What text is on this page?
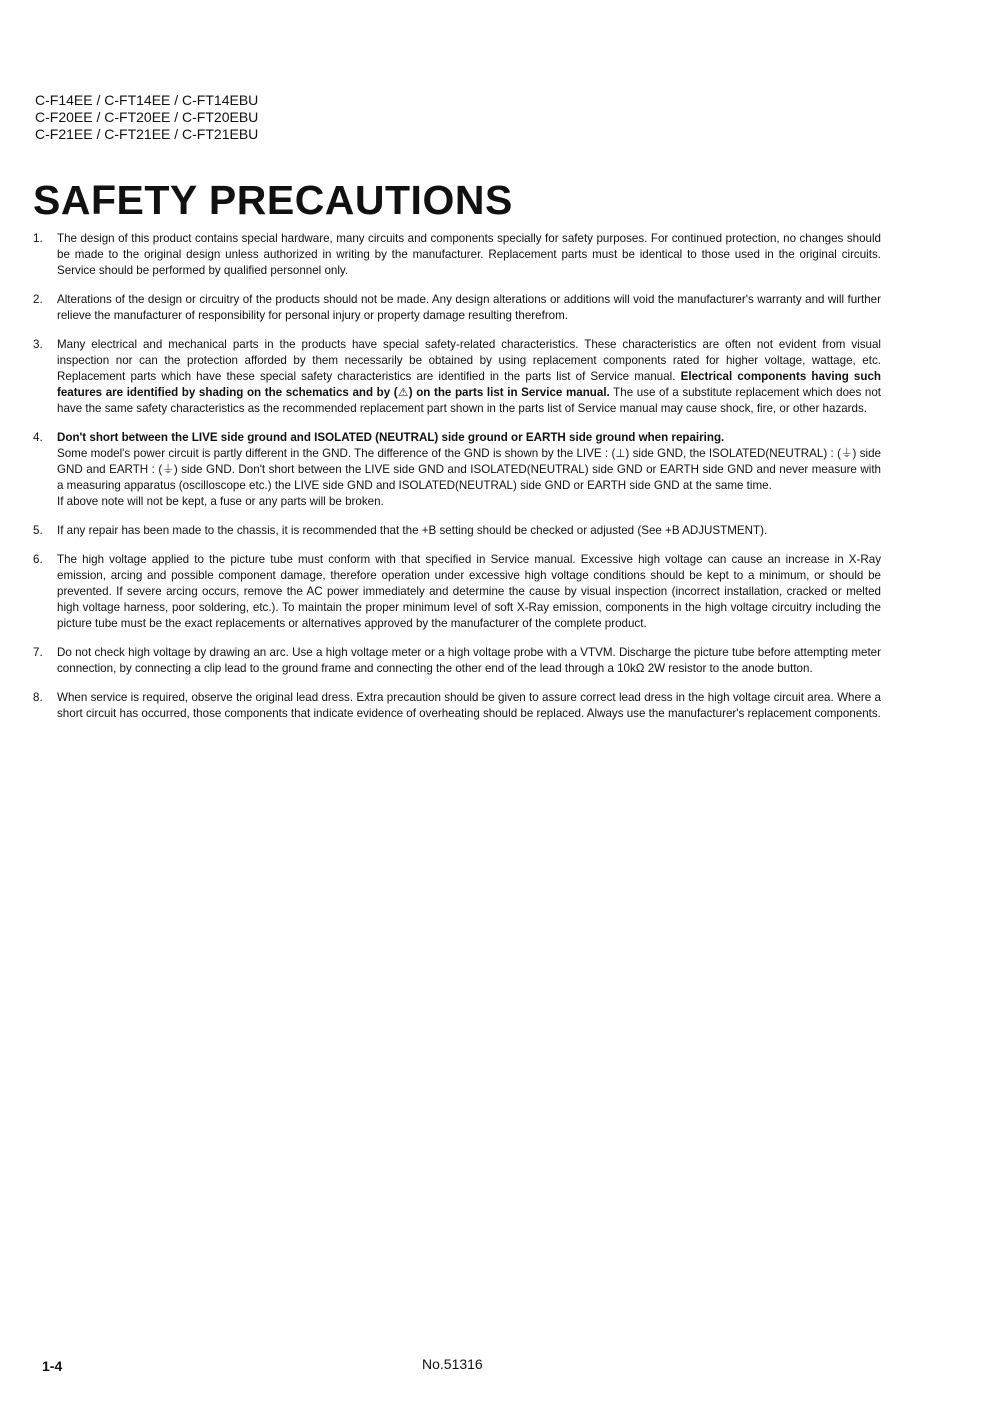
C-F14EE / C-FT14EE / C-FT14EBU
C-F20EE / C-FT20EE / C-FT20EBU
C-F21EE / C-FT21EE / C-FT21EBU
SAFETY PRECAUTIONS
1. The design of this product contains special hardware, many circuits and components specially for safety purposes. For continued protection, no changes should be made to the original design unless authorized in writing by the manufacturer. Replacement parts must be identical to those used in the original circuits. Service should be performed by qualified personnel only.

2. Alterations of the design or circuitry of the products should not be made. Any design alterations or additions will void the manufacturer's warranty and will further relieve the manufacturer of responsibility for personal injury or property damage resulting therefrom.

3. Many electrical and mechanical parts in the products have special safety-related characteristics. These characteristics are often not evident from visual inspection nor can the protection afforded by them necessarily be obtained by using replacement components rated for higher voltage, wattage, etc. Replacement parts which have these special safety characteristics are identified in the parts list of Service manual. Electrical components having such features are identified by shading on the schematics and by (⚠) on the parts list in Service manual. The use of a substitute replacement which does not have the same safety characteristics as the recommended replacement part shown in the parts list of Service manual may cause shock, fire, or other hazards.

4. Don't short between the LIVE side ground and ISOLATED (NEUTRAL) side ground or EARTH side ground when repairing.

Some model's power circuit is partly different in the GND. The difference of the GND is shown by the LIVE : (⊥) side GND, the ISOLATED(NEUTRAL) : (⏚) side GND and EARTH : (⏚) side GND. Don't short between the LIVE side GND and ISOLATED(NEUTRAL) side GND or EARTH side GND and never measure with a measuring apparatus (oscilloscope etc.) the LIVE side GND and ISOLATED(NEUTRAL) side GND or EARTH side GND at the same time.

If above note will not be kept, a fuse or any parts will be broken.

5. If any repair has been made to the chassis, it is recommended that the +B setting should be checked or adjusted (See +B ADJUSTMENT).

6. The high voltage applied to the picture tube must conform with that specified in Service manual. Excessive high voltage can cause an increase in X-Ray emission, arcing and possible component damage, therefore operation under excessive high voltage conditions should be kept to a minimum, or should be prevented. If severe arcing occurs, remove the AC power immediately and determine the cause by visual inspection (incorrect installation, cracked or melted high voltage harness, poor soldering, etc.). To maintain the proper minimum level of soft X-Ray emission, components in the high voltage circuitry including the picture tube must be the exact replacements or alternatives approved by the manufacturer of the complete product.

7. Do not check high voltage by drawing an arc. Use a high voltage meter or a high voltage probe with a VTVM. Discharge the picture tube before attempting meter connection, by connecting a clip lead to the ground frame and connecting the other end of the lead through a 10kΩ 2W resistor to the anode button.

8. When service is required, observe the original lead dress. Extra precaution should be given to assure correct lead dress in the high voltage circuit area. Where a short circuit has occurred, those components that indicate evidence of overheating should be replaced. Always use the manufacturer's replacement components.

1-4	No.51316
